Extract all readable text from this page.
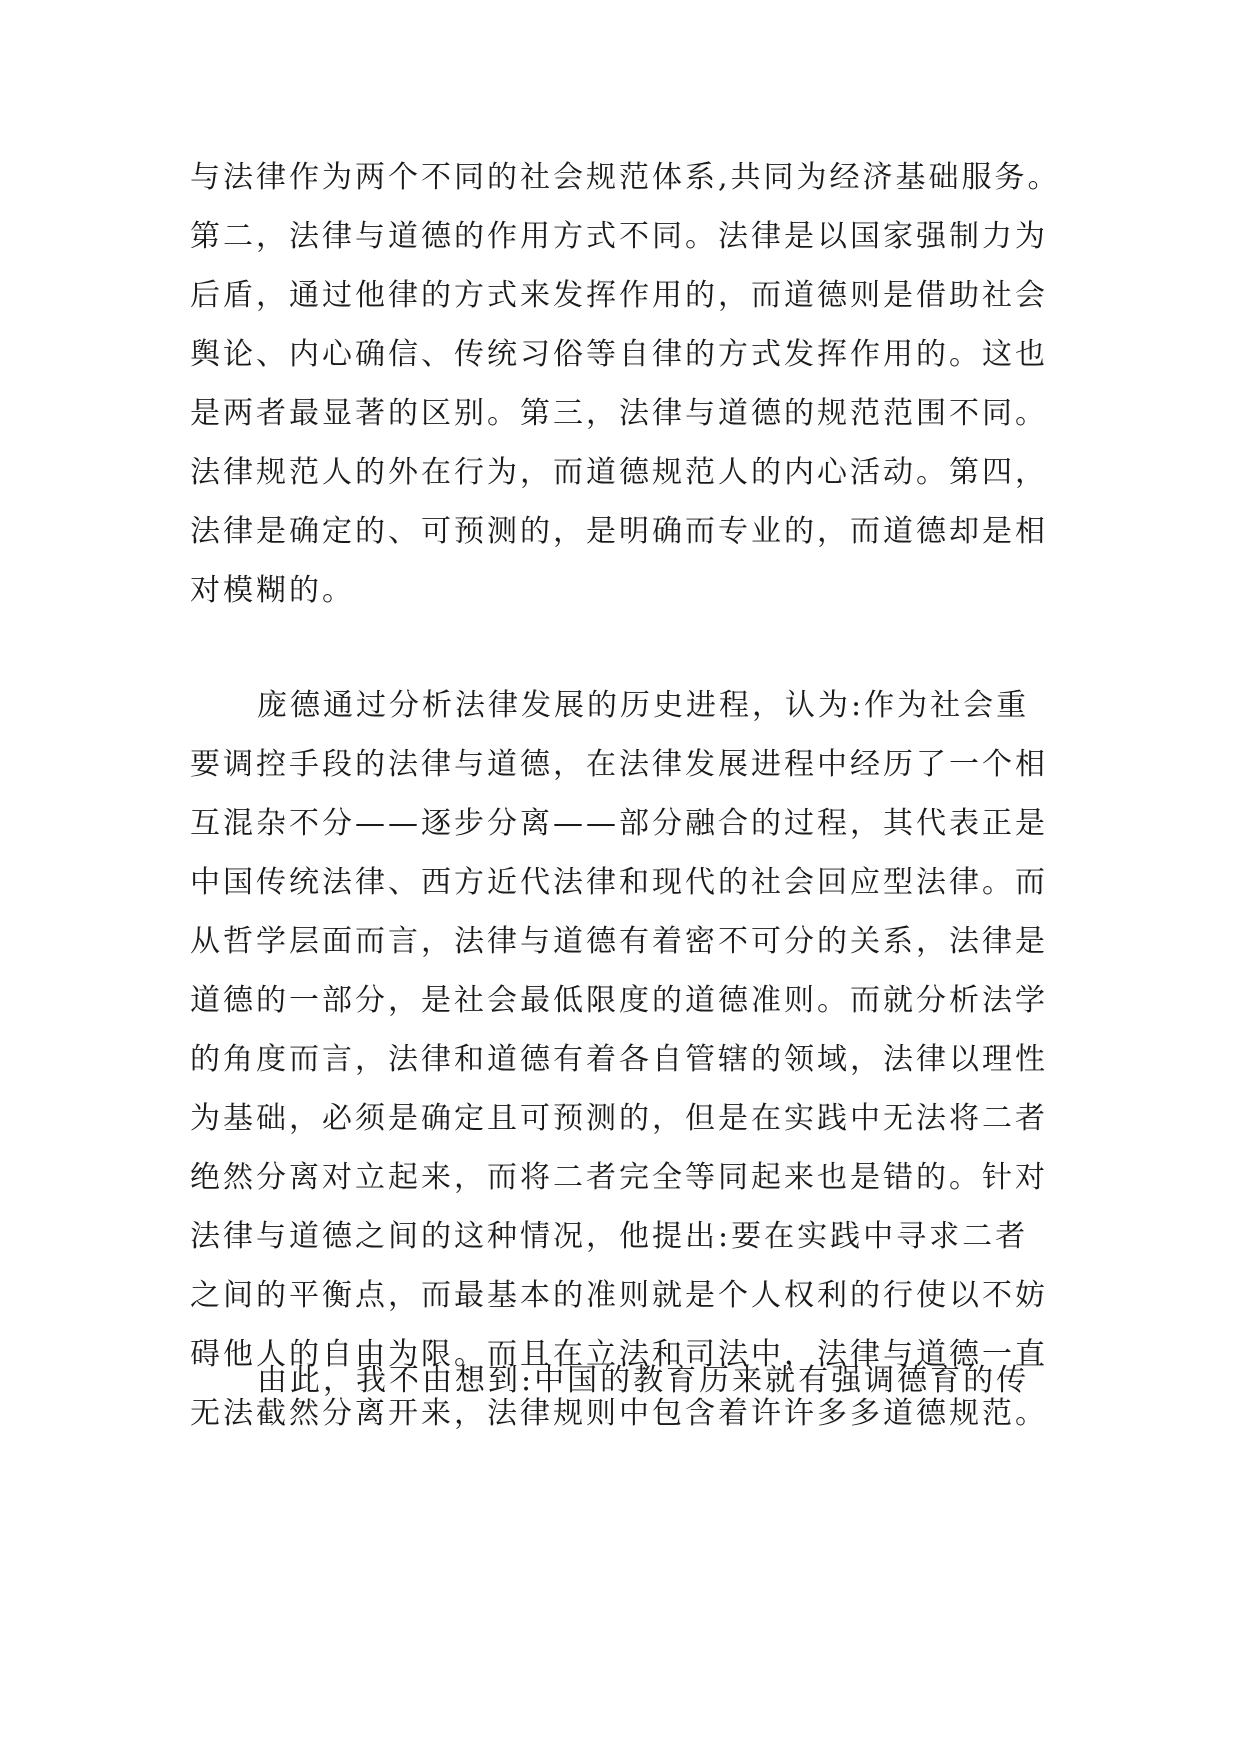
与法律作为两个不同的社会规范体系,共同为经济基础服务。
第二，法律与道德的作用方式不同。法律是以国家强制力为
后盾，通过他律的方式来发挥作用的，而道德则是借助社会
舆论、内心确信、传统习俗等自律的方式发挥作用的。这也
是两者最显著的区别。第三，法律与道德的规范范围不同。
法律规范人的外在行为，而道德规范人的内心活动。第四，
法律是确定的、可预测的，是明确而专业的，而道德却是相
对模糊的。
庞德通过分析法律发展的历史进程，认为:作为社会重
要调控手段的法律与道德，在法律发展进程中经历了一个相
互混杂不分——逐步分离——部分融合的过程，其代表正是
中国传统法律、西方近代法律和现代的社会回应型法律。而
从哲学层面而言，法律与道德有着密不可分的关系，法律是
道德的一部分，是社会最低限度的道德准则。而就分析法学
的角度而言，法律和道德有着各自管辖的领域，法律以理性
为基础，必须是确定且可预测的，但是在实践中无法将二者
绝然分离对立起来，而将二者完全等同起来也是错的。针对
法律与道德之间的这种情况，他提出:要在实践中寻求二者
之间的平衡点，而最基本的准则就是个人权利的行使以不妨
碍他人的自由为限。而且在立法和司法中，法律与道德一直
无法截然分离开来，法律规则中包含着许许多多道德规范。
由此，我不由想到:中国的教育历来就有强调德育的传
